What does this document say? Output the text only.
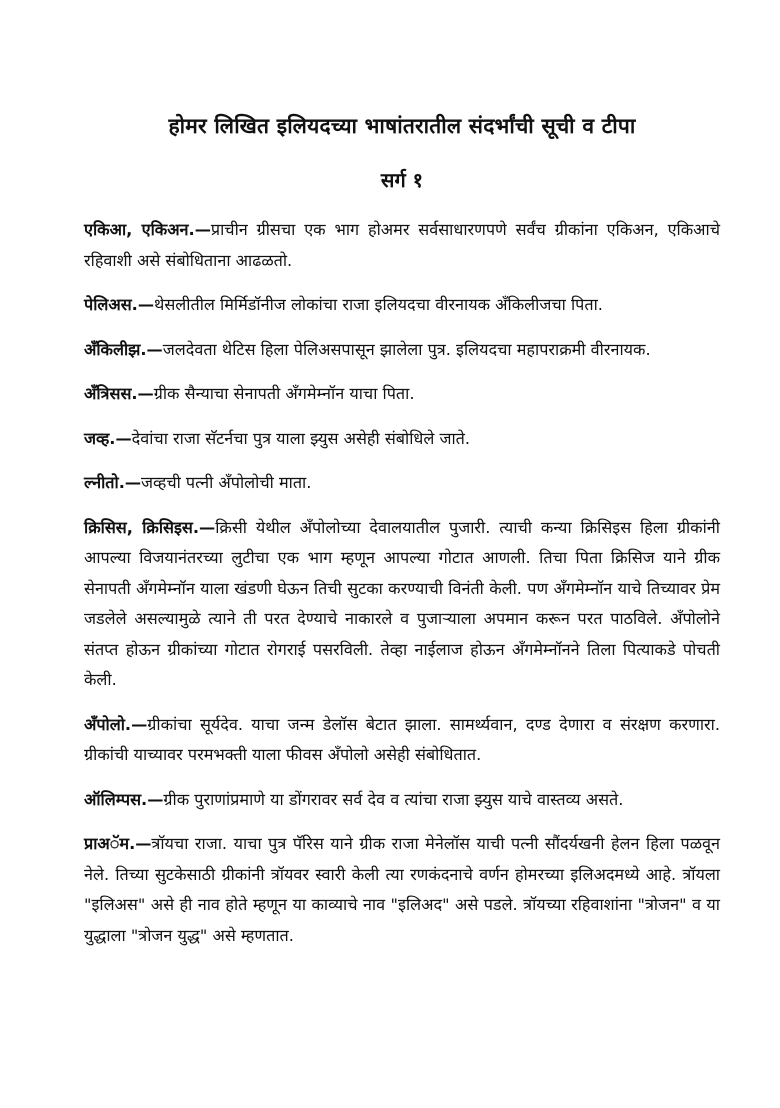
होमर लिखित इलियदच्या भाषांतरातील संदर्भांची सूची व टीपा
सर्ग १

एकिआ, एकिअन.—प्राचीन ग्रीसचा एक भाग होअमर सर्वसाधारणपणे सर्वंच ग्रीकांना एकिअन, एकिआचे रहिवाशी असे संबोधिताना आढळतो.

पेलिअस.—थेसलीतील मिर्मिडॉनीज लोकांचा राजा इलियदचा वीरनायक अँकिलीजचा पिता.

अँकिलीझ.—जलदेवता थेटिस हिला पेलिअसपासून झालेला पुत्र. इलियदचा महापराक्रमी वीरनायक.

अँत्रिसस.—ग्रीक सैन्याचा सेनापती अँगमेम्नॉन याचा पिता.

जव्ह.—देवांचा राजा सॅटर्नचा पुत्र याला झ्युस असेही संबोधिले जाते.

ल्नीतो.—जव्हची पत्नी अँपोलोची माता.

क्रिसिस, क्रिसिइस.—क्रिसी येथील अँपोलोच्या देवालयातील पुजारी. त्याची कन्या क्रिसिइस हिला ग्रीकांनी आपल्या विजयानंतरच्या लुटीचा एक भाग म्हणून आपल्या गोटात आणली. तिचा पिता क्रिसिज याने ग्रीक सेनापती अँगमेम्नॉन याला खंडणी घेऊन तिची सुटका करण्याची विनंती केली. पण अँगमेम्नॉन याचे तिच्यावर प्रेम जडलेले असल्यामुळे त्याने ती परत देण्याचे नाकारले व पुजाऱ्याला अपमान करून परत पाठविले. अँपोलोने संतप्त होऊन ग्रीकांच्या गोटात रोगराई पसरविली. तेव्हा नाईलाज होऊन अँगमेम्नॉनने तिला पित्याकडे पोचती केली.

अँपोलो.—ग्रीकांचा सूर्यदेव. याचा जन्म डेलॉस बेटात झाला. सामर्थ्यवान, दण्ड देणारा व संरक्षण करणारा. ग्रीकांची याच्यावर परमभक्ती याला फीवस अँपोलो असेही संबोधितात.

ऑलिम्पस.—ग्रीक पुराणांप्रमाणे या डोंगरावर सर्व देव व त्यांचा राजा झ्युस याचे वास्तव्य असते.

प्राअॅम.—त्रॉयचा राजा. याचा पुत्र पॅरिस याने ग्रीक राजा मेनेलॉस याची पत्नी सौंदर्यखनी हेलन हिला पळवून नेले. तिच्या सुटकेसाठी ग्रीकांनी त्रॉयवर स्वारी केली त्या रणकंदनाचे वर्णन होमरच्या इलिअदमध्ये आहे. त्रॉयला "इलिअस" असे ही नाव होते म्हणून या काव्याचे नाव "इलिअद" असे पडले. त्रॉयच्या रहिवाशांना "त्रोजन" व या युद्धाला "त्रोजन युद्ध" असे म्हणतात.
